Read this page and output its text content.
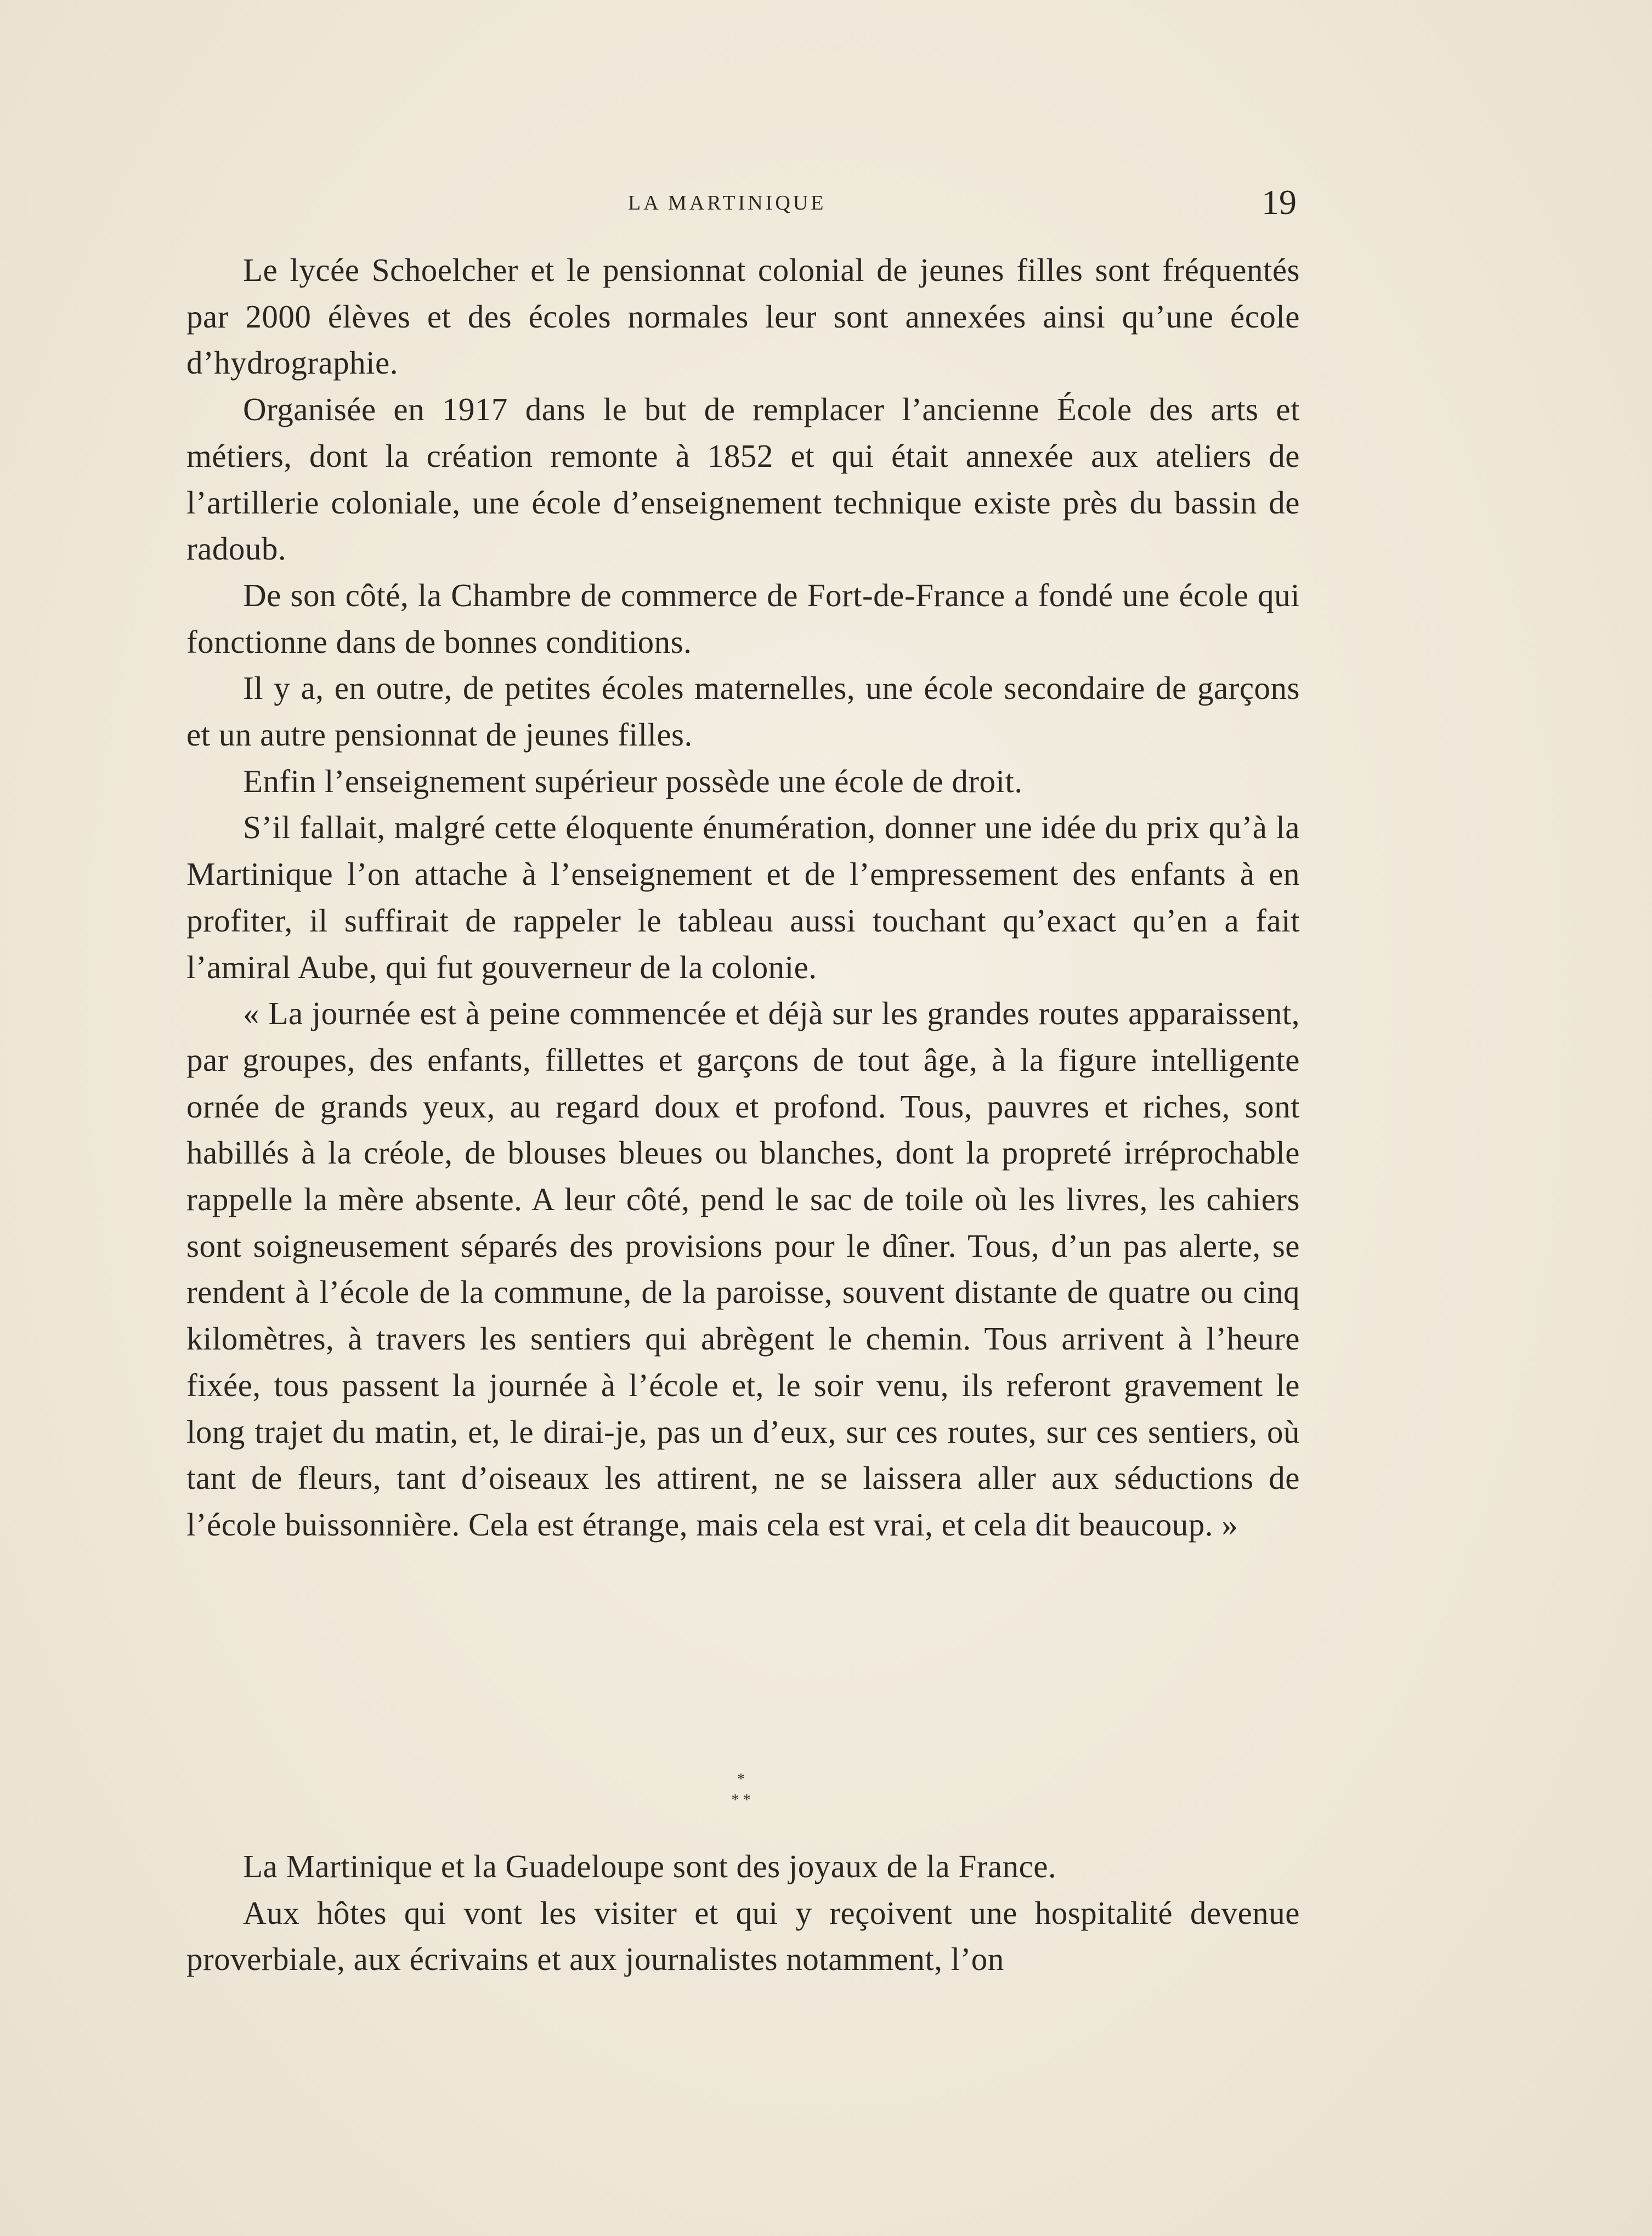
LA MARTINIQUE	19

Le lycée Schoelcher et le pensionnat colonial de jeunes filles sont fréquentés par 2000 élèves et des écoles normales leur sont annexées ainsi qu’une école d’hydrographie.

Organisée en 1917 dans le but de remplacer l’ancienne École des arts et métiers, dont la création remonte à 1852 et qui était annexée aux ateliers de l’artillerie coloniale, une école d’enseignement technique existe près du bassin de radoub.

De son côté, la Chambre de commerce de Fort-de-France a fondé une école qui fonctionne dans de bonnes conditions.

Il y a, en outre, de petites écoles maternelles, une école secondaire de garçons et un autre pensionnat de jeunes filles.

Enfin l’enseignement supérieur possède une école de droit.

S’il fallait, malgré cette éloquente énumération, donner une idée du prix qu’à la Martinique l’on attache à l’enseignement et de l’empressement des enfants à en profiter, il suffirait de rappeler le tableau aussi touchant qu’exact qu’en a fait l’amiral Aube, qui fut gouverneur de la colonie.

« La journée est à peine commencée et déjà sur les grandes routes apparaissent, par groupes, des enfants, fillettes et garçons de tout âge, à la figure intelligente ornée de grands yeux, au regard doux et profond. Tous, pauvres et riches, sont habillés à la créole, de blouses bleues ou blanches, dont la propreté irréprochable rappelle la mère absente. A leur côté, pend le sac de toile où les livres, les cahiers sont soigneusement séparés des provisions pour le dîner. Tous, d’un pas alerte, se rendent à l’école de la commune, de la paroisse, souvent distante de quatre ou cinq kilomètres, à travers les sentiers qui abrègent le chemin. Tous arrivent à l’heure fixée, tous passent la journée à l’école et, le soir venu, ils referont gravement le long trajet du matin, et, le dirai-je, pas un d’eux, sur ces routes, sur ces sentiers, où tant de fleurs, tant d’oiseaux les attirent, ne se laissera aller aux séductions de l’école buissonnière. Cela est étrange, mais cela est vrai, et cela dit beaucoup. »

*
* *

La Martinique et la Guadeloupe sont des joyaux de la France.

Aux hôtes qui vont les visiter et qui y reçoivent une hospitalité devenue proverbiale, aux écrivains et aux journalistes notamment, l’on
